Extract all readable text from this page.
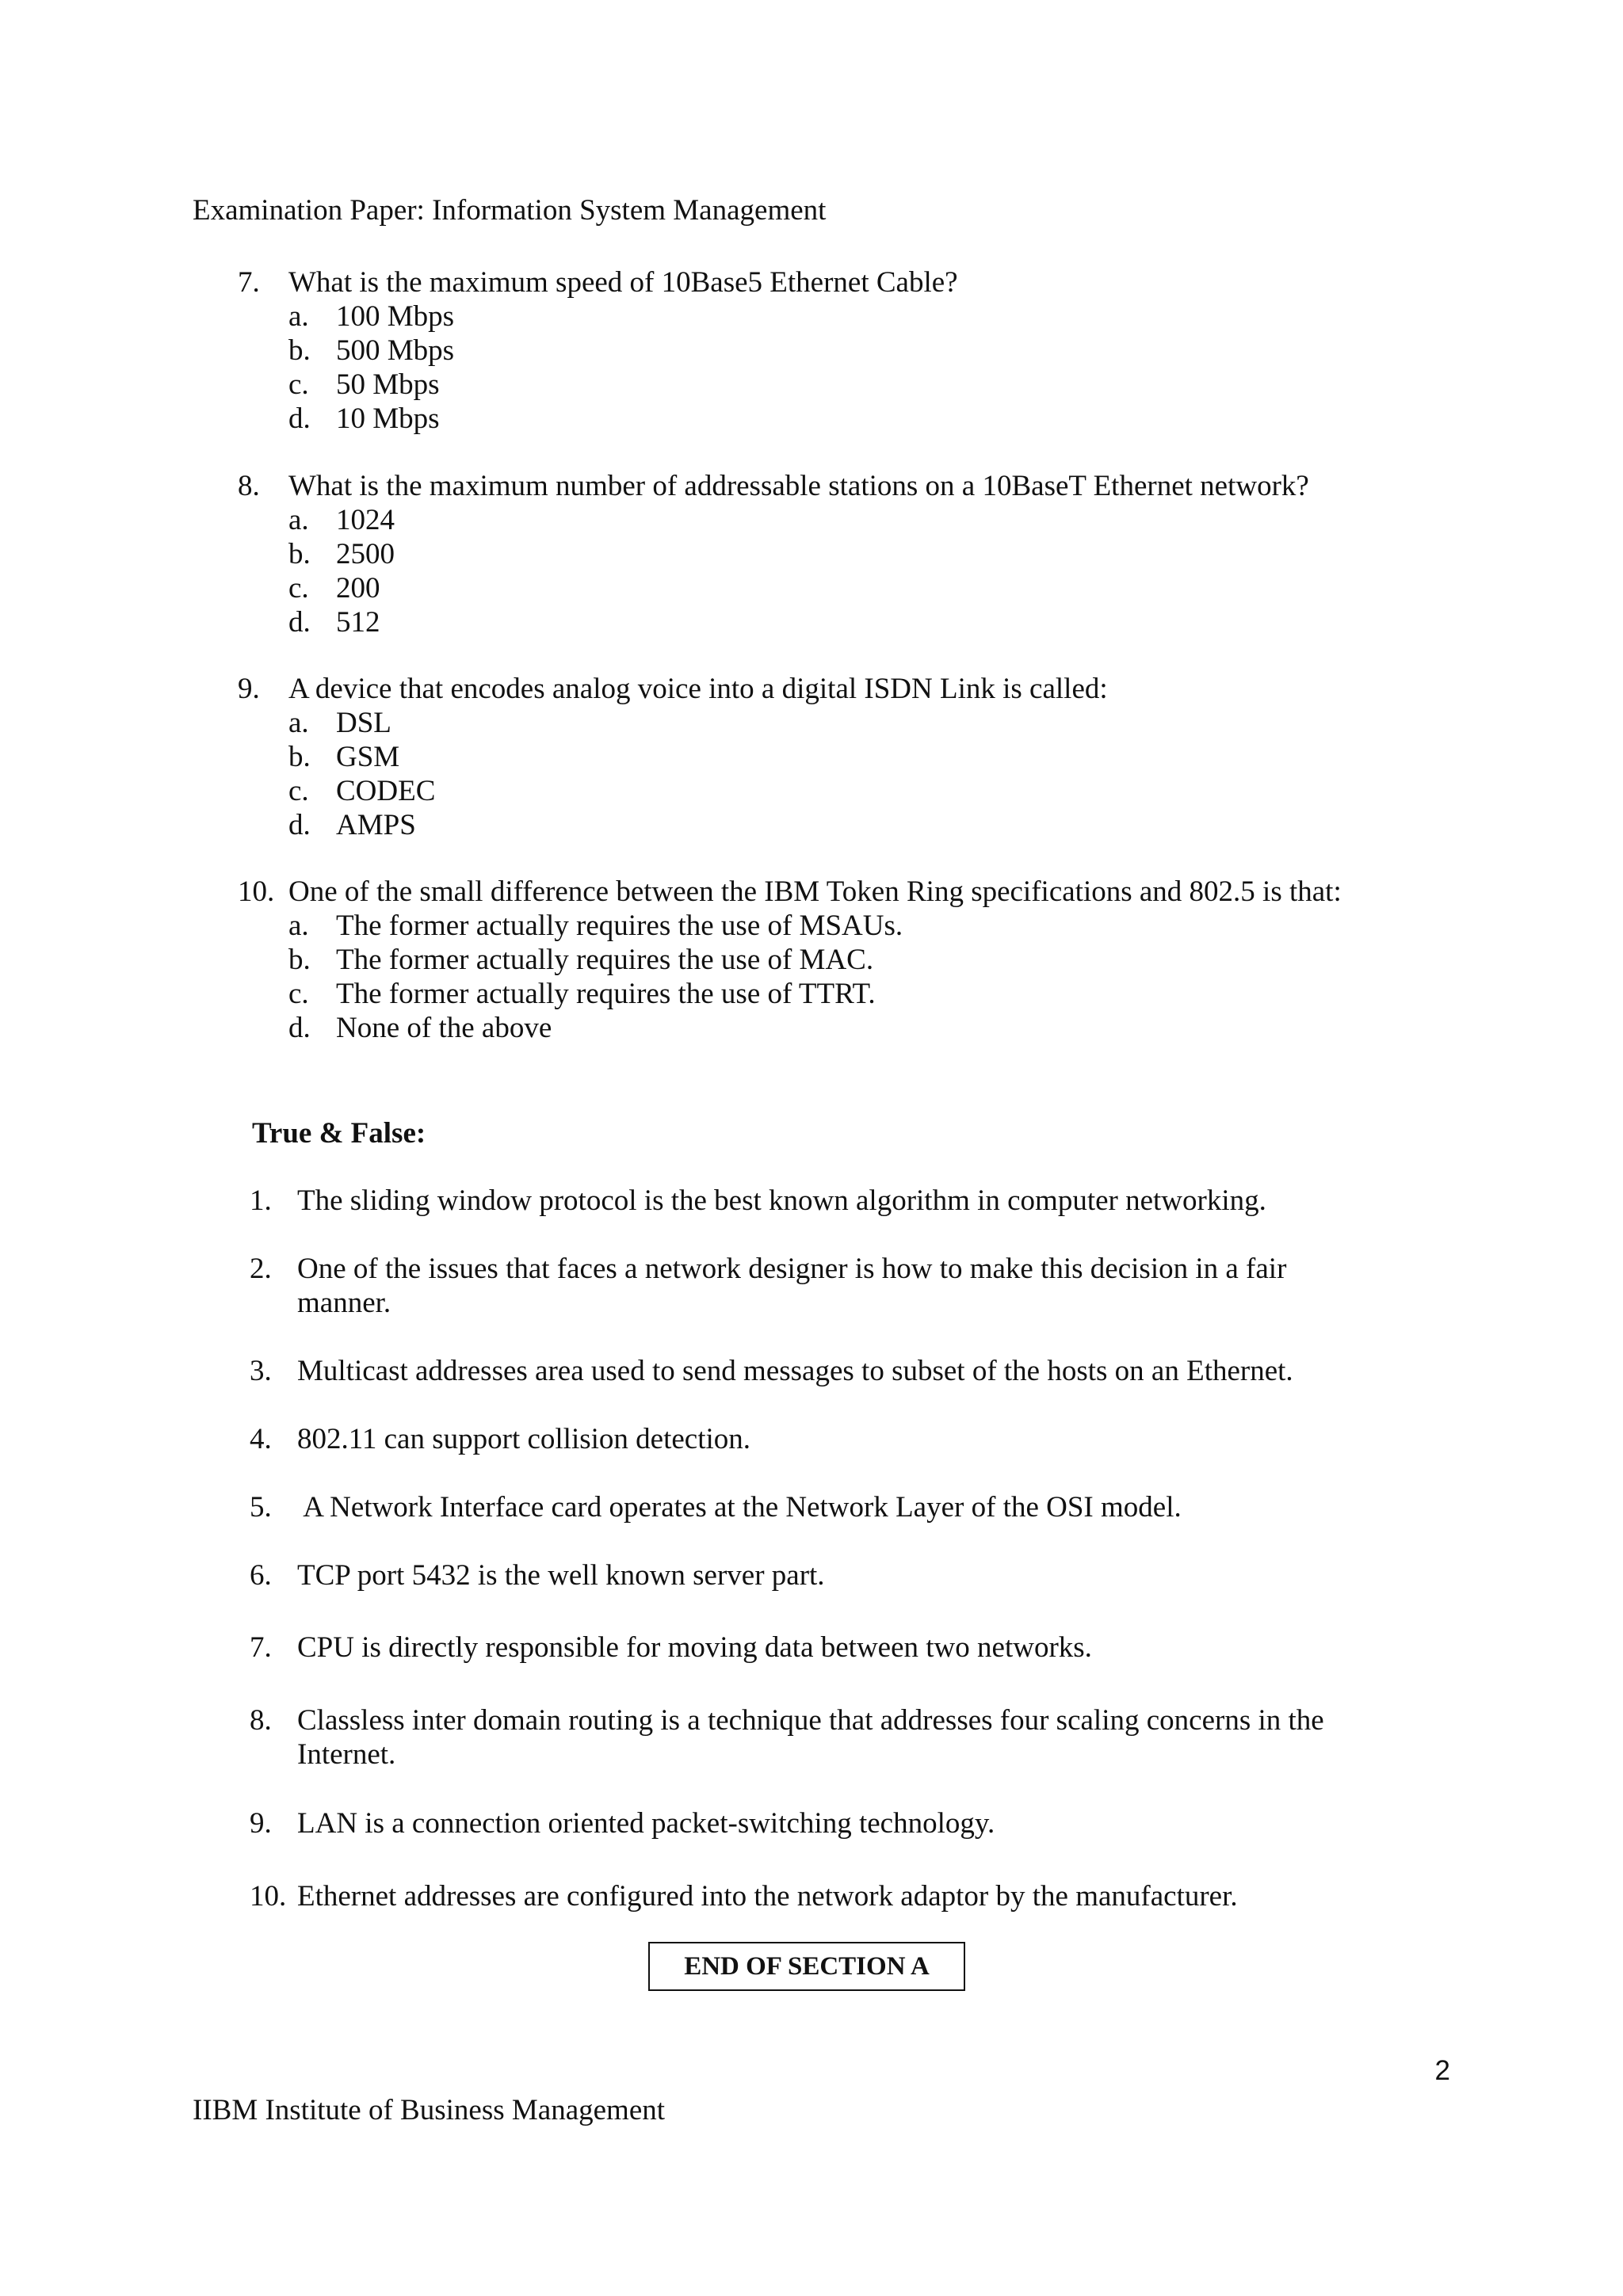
Examination Paper: Information System Management
7. What is the maximum speed of 10Base5 Ethernet Cable?
a. 100 Mbps
b. 500 Mbps
c. 50 Mbps
d. 10 Mbps
8. What is the maximum number of addressable stations on a 10BaseT Ethernet network?
a. 1024
b. 2500
c. 200
d. 512
9. A device that encodes analog voice into a digital ISDN Link is called:
a. DSL
b. GSM
c. CODEC
d. AMPS
10. One of the small difference between the IBM Token Ring specifications and 802.5 is that:
a. The former actually requires the use of MSAUs.
b. The former actually requires the use of MAC.
c. The former actually requires the use of TTRT.
d. None of the above
True & False:
1. The sliding window protocol is the best known algorithm in computer networking.
2. One of the issues that faces a network designer is how to make this decision in a fair manner.
3. Multicast addresses area used to send messages to subset of the hosts on an Ethernet.
4. 802.11 can support collision detection.
5. A Network Interface card operates at the Network Layer of the OSI model.
6. TCP port 5432 is the well known server part.
7. CPU is directly responsible for moving data between two networks.
8. Classless inter domain routing is a technique that addresses four scaling concerns in the Internet.
9. LAN is a connection oriented packet-switching technology.
10. Ethernet addresses are configured into the network adaptor by the manufacturer.
END OF SECTION A
2
IIBM Institute of Business Management
